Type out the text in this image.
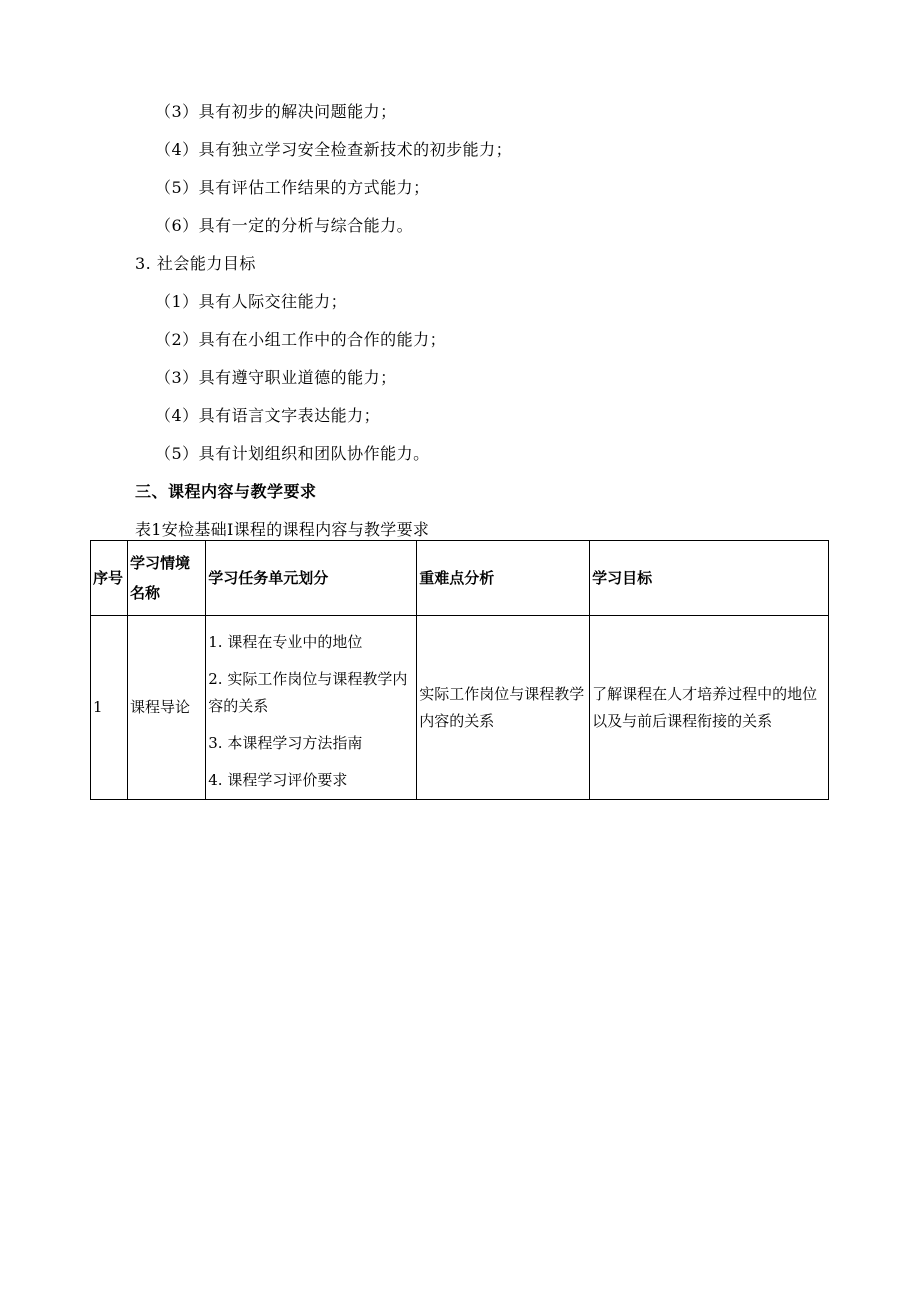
（3）具有初步的解决问题能力；
（4）具有独立学习安全检查新技术的初步能力；
（5）具有评估工作结果的方式能力；
（6）具有一定的分析与综合能力。
3. 社会能力目标
（1）具有人际交往能力；
（2）具有在小组工作中的合作的能力；
（3）具有遵守职业道德的能力；
（4）具有语言文字表达能力；
（5）具有计划组织和团队协作能力。
三、课程内容与教学要求
表1安检基础I课程的课程内容与教学要求
序号	学习情境名称	学习任务单元划分	重难点分析	学习目标
1	课程导论	1. 课程在专业中的地位
2. 实际工作岗位与课程教学内容的关系
3. 本课程学习方法指南
4. 课程学习评价要求	实际工作岗位与课程教学内容的关系	了解课程在人才培养过程中的地位以及与前后课程衔接的关系
